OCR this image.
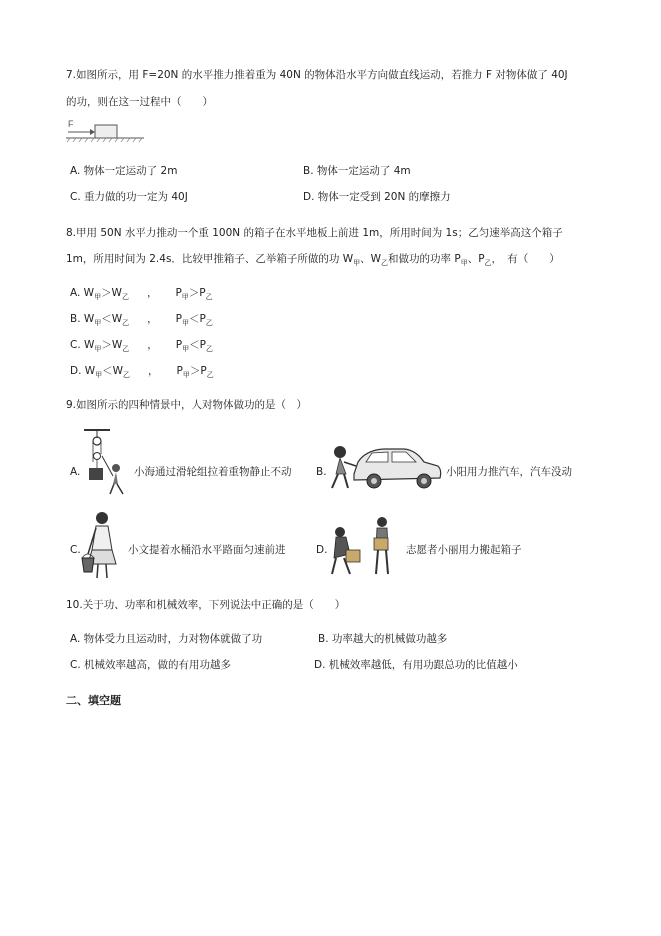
7.如图所示，用 F=20N 的水平推力推着重为 40N 的物体沿水平方向做直线运动，若推力 F 对物体做了 40J
的功，则在这一过程中（　　）
F
A. 物体一定运动了 2m	B. 物体一定运动了 4m
C. 重力做的功一定为 40J	D. 物体一定受到 20N 的摩擦力
8.甲用 50N 水平力推动一个重 100N 的箱子在水平地板上前进 1m，所用时间为 1s；乙匀速举高这个箱子
1m，所用时间为 2.4s．比较甲推箱子、乙举箱子所做的功 $W_甲$、$W_乙$和做功的功率 $P_甲$、$P_乙$，　有（　　）
A. $W_甲>W_乙$ ， $P_甲>P_乙$
B. $W_甲<W_乙$ ， $P_甲<P_乙$
C. $W_甲>W_乙$ ， $P_甲<P_乙$
D. $W_甲<W_乙$ ， $P_甲>P_乙$
9.如图所示的四种情景中，人对物体做功的是（　）
A.	小海通过滑轮组拉着重物静止不动 B.	小阳用力推汽车，汽车没动
C.	小文提着水桶沿水平路面匀速前进	D.	志愿者小丽用力搬起箱子
10.关于功、功率和机械效率，下列说法中正确的是（　　）
A. 物体受力且运动时，力对物体就做了功	B. 功率越大的机械做功越多
C. 机械效率越高，做的有用功越多	D. 机械效率越低，有用功跟总功的比值越小
二、填空题
